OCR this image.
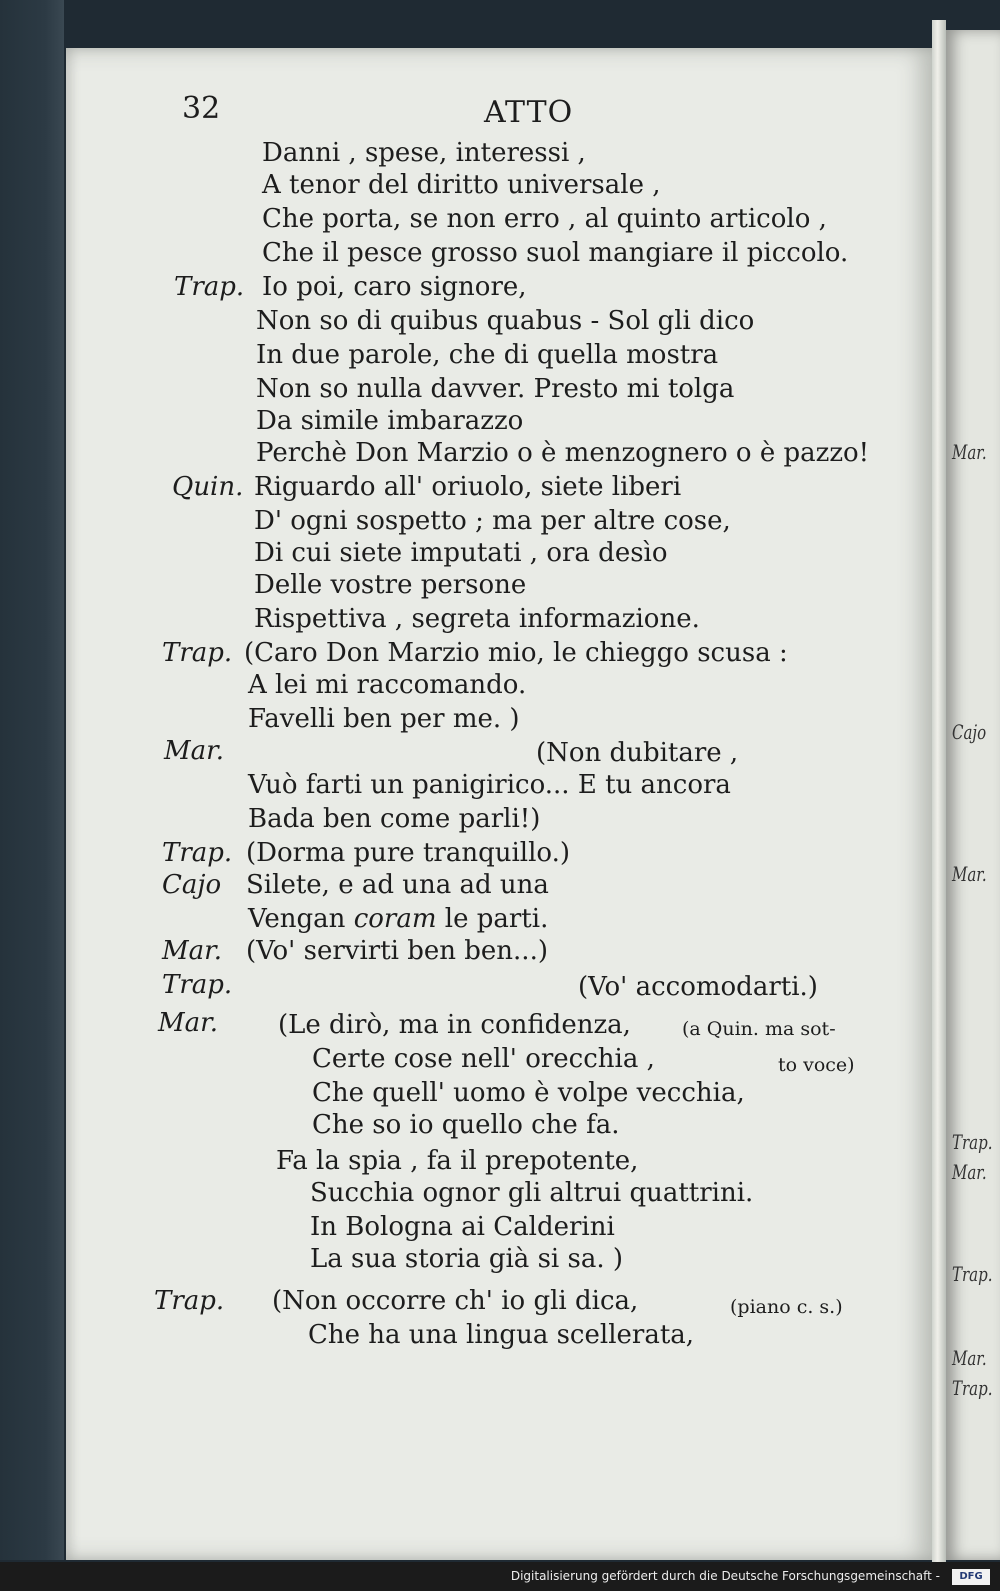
32	ATTO
Danni , spese, interessi ,
A tenor del diritto universale ,
Che porta, se non erro , al quinto articolo ,
Che il pesce grosso suol mangiare il piccolo.
Trap. Io poi, caro signore,
Non so di quibus quabus - Sol gli dico
In due parole, che di quella mostra
Non so nulla davver. Presto mi tolga
Da simile imbarazzo
Perchè Don Marzio o è menzognero o è pazzo!
Quin. Riguardo all' oriuolo, siete liberi
D' ogni sospetto ; ma per altre cose,
Di cui siete imputati , ora desìo
Delle vostre persone
Rispettiva , segreta informazione.
Trap. (Caro Don Marzio mio, le chieggo scusa :
A lei mi raccomando.
Favelli ben per me. )
Mar.	(Non dubitare ,
Vuò farti un panigirico... E tu ancora
Bada ben come parli!)
Trap. (Dorma pure tranquillo.)
Cajo Silete, e ad una ad una
Vengan coram le parti.
Mar. (Vo' servirti ben ben...)
Trap.	(Vo' accomodarti.)
Mar. (Le dirò, ma in confidenza,	(a Quin. ma sot-
Certe cose nell' orecchia ,	to voce)
Che quell' uomo è volpe vecchia,
Che so io quello che fa.
Fa la spia , fa il prepotente,
Succhia ognor gli altrui quattrini.
In Bologna ai Calderini
La sua storia già si sa. )
Trap. (Non occorre ch' io gli dica,	(piano c. s.)
Che ha una lingua scellerata,
Mar.
Cajo
Mar.
Trap.
Mar.
Trap.
Mar.
Trap.
Digitalisierung gefördert durch die Deutsche Forschungsgemeinschaft -	DFG
